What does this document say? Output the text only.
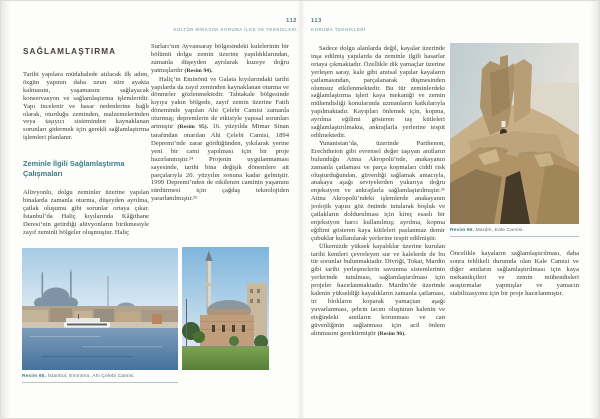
112
KÜLTÜR MİRASINI KORUMA İLKE VE TEKNİKLERİ
SAĞLAMLAŞTIRMA

Tarihi yapılara müdahalede atılacak ilk adım, özgün yapının daha uzun süre ayakta kalmasını, yaşamasını sağlayacak konservasyon ve sağlamlaştırma işlemleridir. Yapı incelenir ve hasar nedenlerine bağlı olarak, oturduğu zeminden, malzemelerinden veya taşıyıcı sisteminden kaynaklanan sorunları gidermek için gerekli sağlamlaştırma işlemleri planlanır.

Zeminle İlgili Sağlamlaştırma Çalışmaları

Alüvyonlu, dolgu zeminler üzerine yapılan binalarda zamanla oturma, düşeyden ayrılma, çatlak oluşumu gibi sorunlar ortaya çıkar. İstanbul’da Haliç kıyılarında Kâğıthane Deresi’nin getirdiği alüvyonların birikmesiyle zayıf zeminli bölgeler oluşmuştur. Haliç

Surları’nın Ayvansaray bölgesindeki kulelerinin bir bölümü dolgu zemin üzerine yapıldıklarından, zamanla düşeyden ayrılarak kuzeye doğru yatmışlardır (Resim 94).

Haliç’in Eminönü ve Galata kıyılarındaki tarihi yapılarda da zayıf zeminden kaynaklanan oturma ve dönmeler gözlenmektedir. Tahtakale bölgesinde kıyıya yakın bölgede, zayıf zemin üzerine Fatih döneminde yapılan Ahi Çelebi Camisi zamanla oturmuş; depremlerin de etkisiyle yapısal sorunları artmıştır (Resim 95). 16. yüzyılda Mimar Sinan tarafından onarılan Ahi Çelebi Camisi, 1894 Depremi’nde zarar gördüğünden, yıkılarak yerine yeni bir cami yapılması için bir proje hazırlanmıştır.²⁴ Projenin uygulanmaması sayesinde, tarihi bina değişik dönemlere ait parçalarıyla 20. yüzyılın sonuna kadar gelmiştir. 1999 Depremi’nden de etkilenen caminin yaşamını sürdürmesi için çağdaş teknolojiden yararlanılmıştır.²⁵

Resim 95. İstanbul, Eminönü, Ahi Çelebi Camisi.
113
KORUMA TEKNİKLERİ

Sadece dolgu alanlarda değil, kayalar üzerinde inşa edilmiş yapılarda da zeminle ilgili hasarlar ortaya çıkmaktadır. Özellikle dik yamaçlar üzerine yerleşen saray, kale gibi anıtsal yapılar kayaların çatlamasından, parçalanarak düşmesinden olumsuz etkilenmektedir. Bu tür zeminlerdeki sağlamlaştırma işleri kaya mekaniği ve zemin mühendisliği konularında uzmanların katkılarıyla yapılmaktadır. Kayıpları önlemek için, kopma, ayrılma eğilimi gösteren taş kütleleri sağlamlaştırılmakta, ankrajlarla yerlerine tespit edilmektedir.

Yunanistan’da, üzerinde Parthenon, Erechtheion gibi evrensel değer taşıyan anıtların bulunduğu Atina Akropolü’nde, anakayanın zamanla çatlaması ve parça kopmaları ciddi risk oluşturduğundan, güvenliği sağlamak amacıyla, anakaya aşağı seviyelerden yukarıya doğru enjeksiyon ve ankrajlarla sağlamlaştırılmıştır.²⁶ Atina Akropolü’ndeki işlemlerde anakayanın jeolojik yapısı göz önünde tutularak boşluk ve çatlakların doldurulması için kireç esaslı bir enjeksiyon harcı kullanılmış; ayrılma, kopma eğilimi gösteren kaya kütleleri paslanmaz demir çubuklar kullanılarak yerlerine tespit edilmiştir.

Ülkemizde yüksek kayalıklar üzerine kurulan tarihi kentleri çevreleyen sur ve kalelerde de bu tür sorunlar bulunmaktadır. Divriği, Tokat, Mardin gibi tarihi yerleşmelerin savunma sistemlerinin yerlerinde tutulması, sağlamlaştırılması için projeler hazırlanmaktadır. Mardin’de üzerinde kalenin yükseldiği kayalıkların zamanla çatlaması, iri blokların koparak yamaçtan aşağı yuvarlanması, şehrin tacını oluşturan kalenin ve eteğindeki anıtların korunması ve can güvenliğinin sağlanması için acil önlem alınmasını gerektirmiştir (Resim 96).

Resim 96. Mardin, Kale Camisi.

Öncelikle kayaların sağlamlaştırılması, daha sonra tehlikeli durumda olan Kale Camisi ve diğer anıtların sağlamlaştırılması için kaya mekanikçileri ve zemin mühendisleri araştırmalar yapmışlar ve yamacın stabilizasyonu için bir proje hazırlanmıştır.
